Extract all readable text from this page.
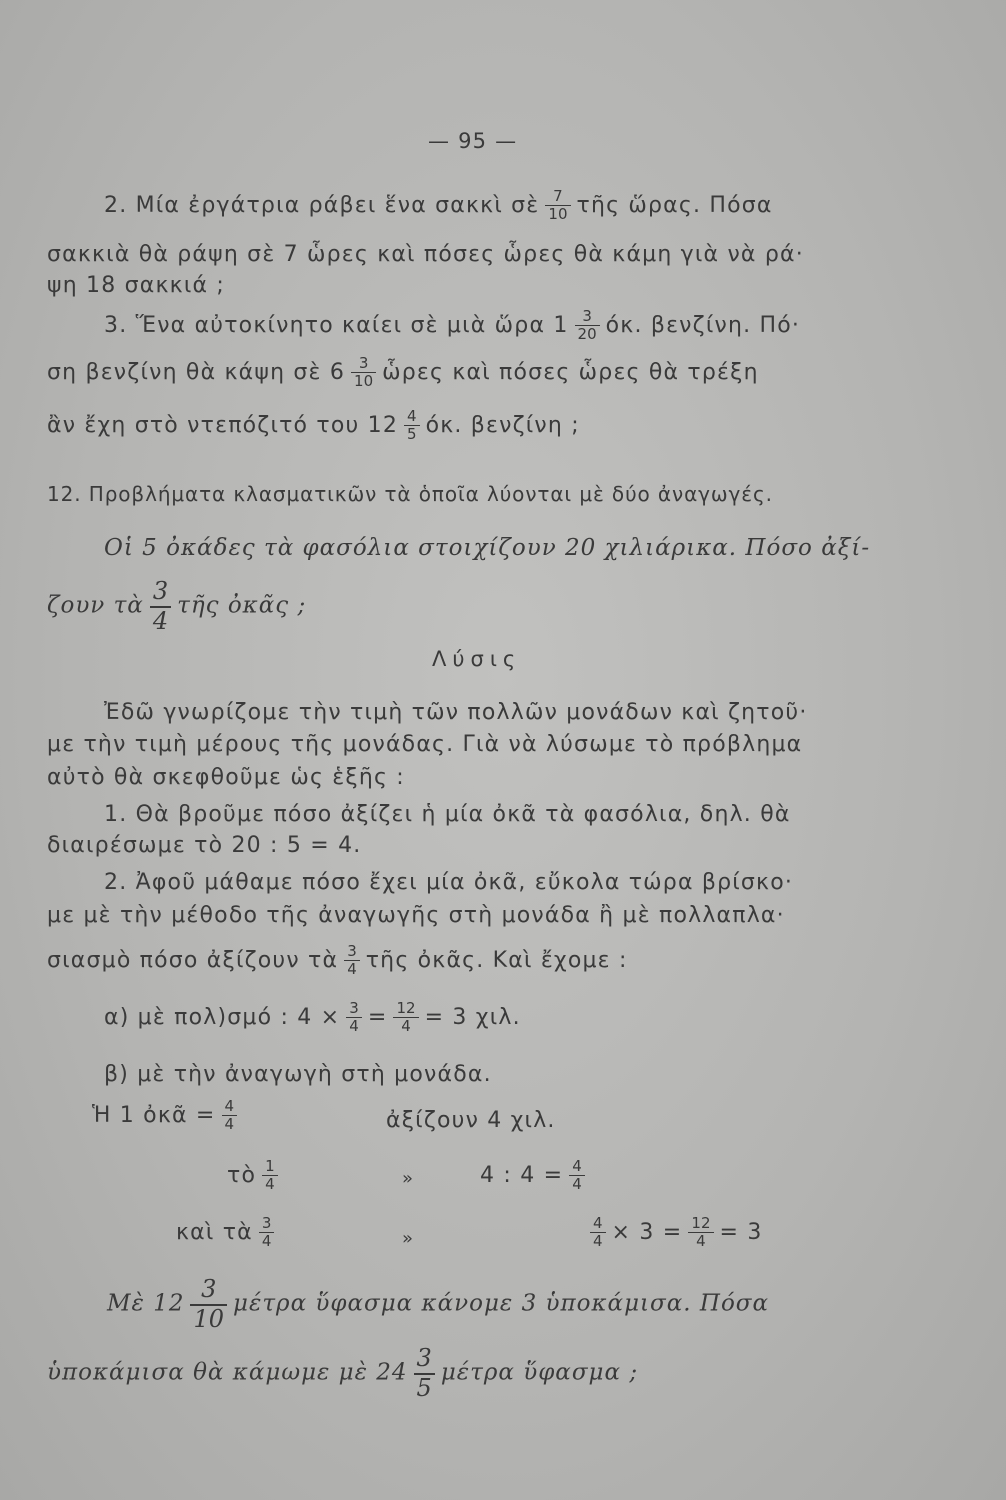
— 95 —
2. Μία ἐργάτρια ράβει ἕνα σακκὶ σὲ $\frac{7}{10}$ τῆς ὥρας. Πόσα
σακκιὰ θὰ ράψη σὲ 7 ὧρες καὶ πόσες ὧρες θὰ κάμη γιὰ νὰ ρά·
ψη 18 σακκιά ;
3. Ἕνα αὐτοκίνητο καίει σὲ μιὰ ὥρα $1 \frac{3}{20} ό\kappa$. βενζίνη. Πό·
ση βενζίνη θὰ κάψη σὲ $6 \frac{3}{10}$ ὧρες καὶ πόσες ὧρες θὰ τρέξη
ἂν ἔχη στὸ ντεπόζιτό του $12 \frac{4}{5} ό\kappa$. βενζίνη ;
12. Προβλήματα κλασματικῶν τὰ ὁποῖα λύονται μὲ δύο ἀναγωγές.
Οἱ 5 ὀκάδες τὰ φασόλια στοιχίζουν 20 χιλιάρικα. Πόσο ἀξί-
ζουν τὰ $\frac{3}{4}$ τῆς ὀκᾶς ;
Λύσις
Ἐδῶ γνωρίζομε τὴν τιμὴ τῶν πολλῶν μονάδων καὶ ζητοῦ·
με τὴν τιμὴ μέρους τῆς μονάδας. Γιὰ νὰ λύσωμε τὸ πρόβλημα
αὐτὸ θὰ σκεφθοῦμε ὡς ἑξῆς :
1. Θὰ βροῦμε πόσο ἀξίζει ἡ μία ὀκᾶ τὰ φασόλια, δηλ. θὰ
διαιρέσωμε τὸ 20 : 5 = 4.
2. Ἀφοῦ μάθαμε πόσο ἔχει μία ὀκᾶ, εὔκολα τώρα βρίσκο·
με μὲ τὴν μέθοδο τῆς ἀναγωγῆς στὴ μονάδα ἢ μὲ πολλαπλα·
σιασμὸ πόσο ἀξίζουν τὰ $\frac{3}{4}$ τῆς ὀκᾶς. Καὶ ἔχομε :
α) μὲ πολ)σμό : $4 \times \frac{3}{4} = \frac{12}{4} = 3$ χιλ.
β) μὲ τὴν ἀναγωγὴ στὴ μονάδα.
Ἡ 1 ὀκᾶ = $\frac{4}{4}$	ἀξίζουν 4 χιλ.
τὸ $\frac{1}{4}$	»	4 : $4 = \frac{4}{4}$
καὶ τὰ $\frac{3}{4}$	»	$\frac{4}{4} \times 3 = \frac{12}{4} = 3$
Μὲ $12 \frac{3}{10}$ μέτρα ὕφασμα κάνομε 3 ὑποκάμισα. Πόσα
ὑποκάμισα θὰ κάμωμε μὲ $24 \frac{3}{5}$ μέτρα ὕφασμα ;
